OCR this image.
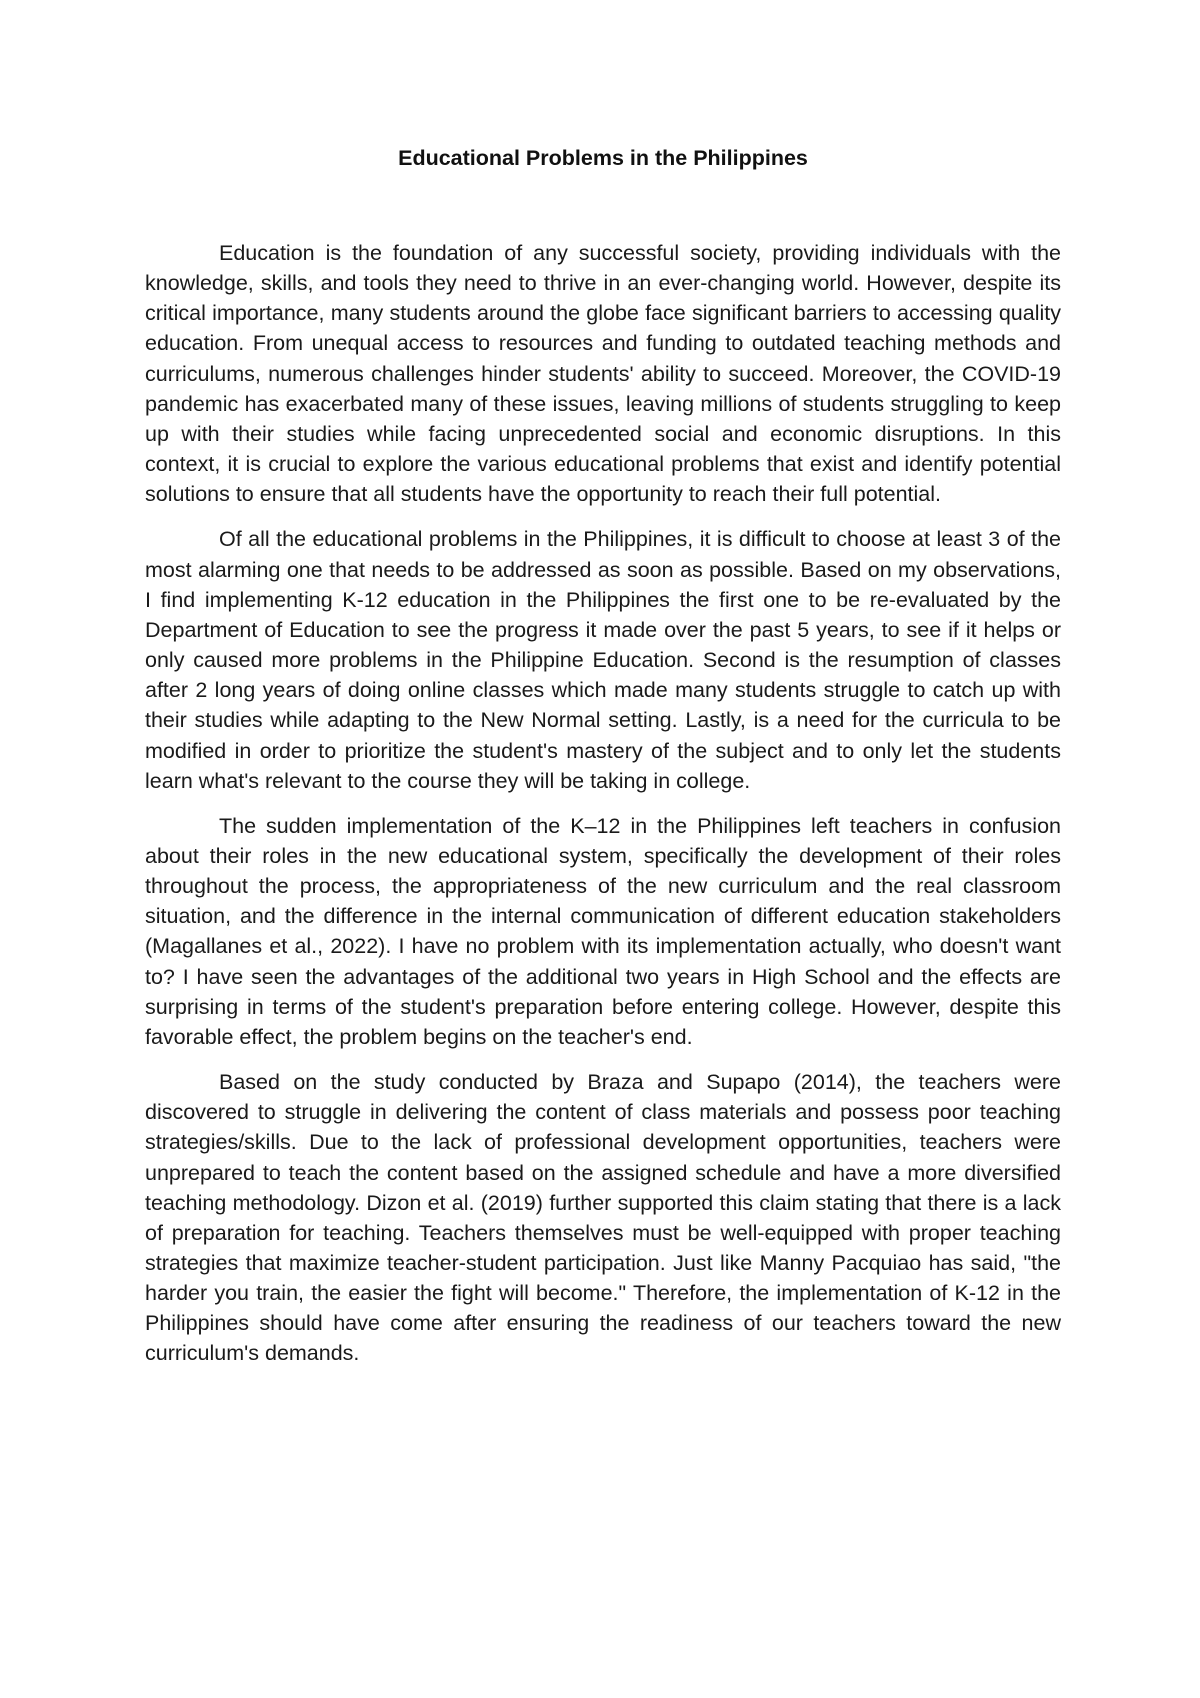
Educational Problems in the Philippines

Education is the foundation of any successful society, providing individuals with the knowledge, skills, and tools they need to thrive in an ever-changing world. However, despite its critical importance, many students around the globe face significant barriers to accessing quality education. From unequal access to resources and funding to outdated teaching methods and curriculums, numerous challenges hinder students' ability to succeed. Moreover, the COVID-19 pandemic has exacerbated many of these issues, leaving millions of students struggling to keep up with their studies while facing unprecedented social and economic disruptions. In this context, it is crucial to explore the various educational problems that exist and identify potential solutions to ensure that all students have the opportunity to reach their full potential.

Of all the educational problems in the Philippines, it is difficult to choose at least 3 of the most alarming one that needs to be addressed as soon as possible. Based on my observations, I find implementing K-12 education in the Philippines the first one to be re-evaluated by the Department of Education to see the progress it made over the past 5 years, to see if it helps or only caused more problems in the Philippine Education. Second is the resumption of classes after 2 long years of doing online classes which made many students struggle to catch up with their studies while adapting to the New Normal setting. Lastly, is a need for the curricula to be modified in order to prioritize the student's mastery of the subject and to only let the students learn what's relevant to the course they will be taking in college.

The sudden implementation of the K–12 in the Philippines left teachers in confusion about their roles in the new educational system, specifically the development of their roles throughout the process, the appropriateness of the new curriculum and the real classroom situation, and the difference in the internal communication of different education stakeholders (Magallanes et al., 2022). I have no problem with its implementation actually, who doesn't want to? I have seen the advantages of the additional two years in High School and the effects are surprising in terms of the student's preparation before entering college. However, despite this favorable effect, the problem begins on the teacher's end.

Based on the study conducted by Braza and Supapo (2014), the teachers were discovered to struggle in delivering the content of class materials and possess poor teaching strategies/skills. Due to the lack of professional development opportunities, teachers were unprepared to teach the content based on the assigned schedule and have a more diversified teaching methodology. Dizon et al. (2019) further supported this claim stating that there is a lack of preparation for teaching. Teachers themselves must be well-equipped with proper teaching strategies that maximize teacher-student participation. Just like Manny Pacquiao has said, "the harder you train, the easier the fight will become." Therefore, the implementation of K-12 in the Philippines should have come after ensuring the readiness of our teachers toward the new curriculum's demands.
